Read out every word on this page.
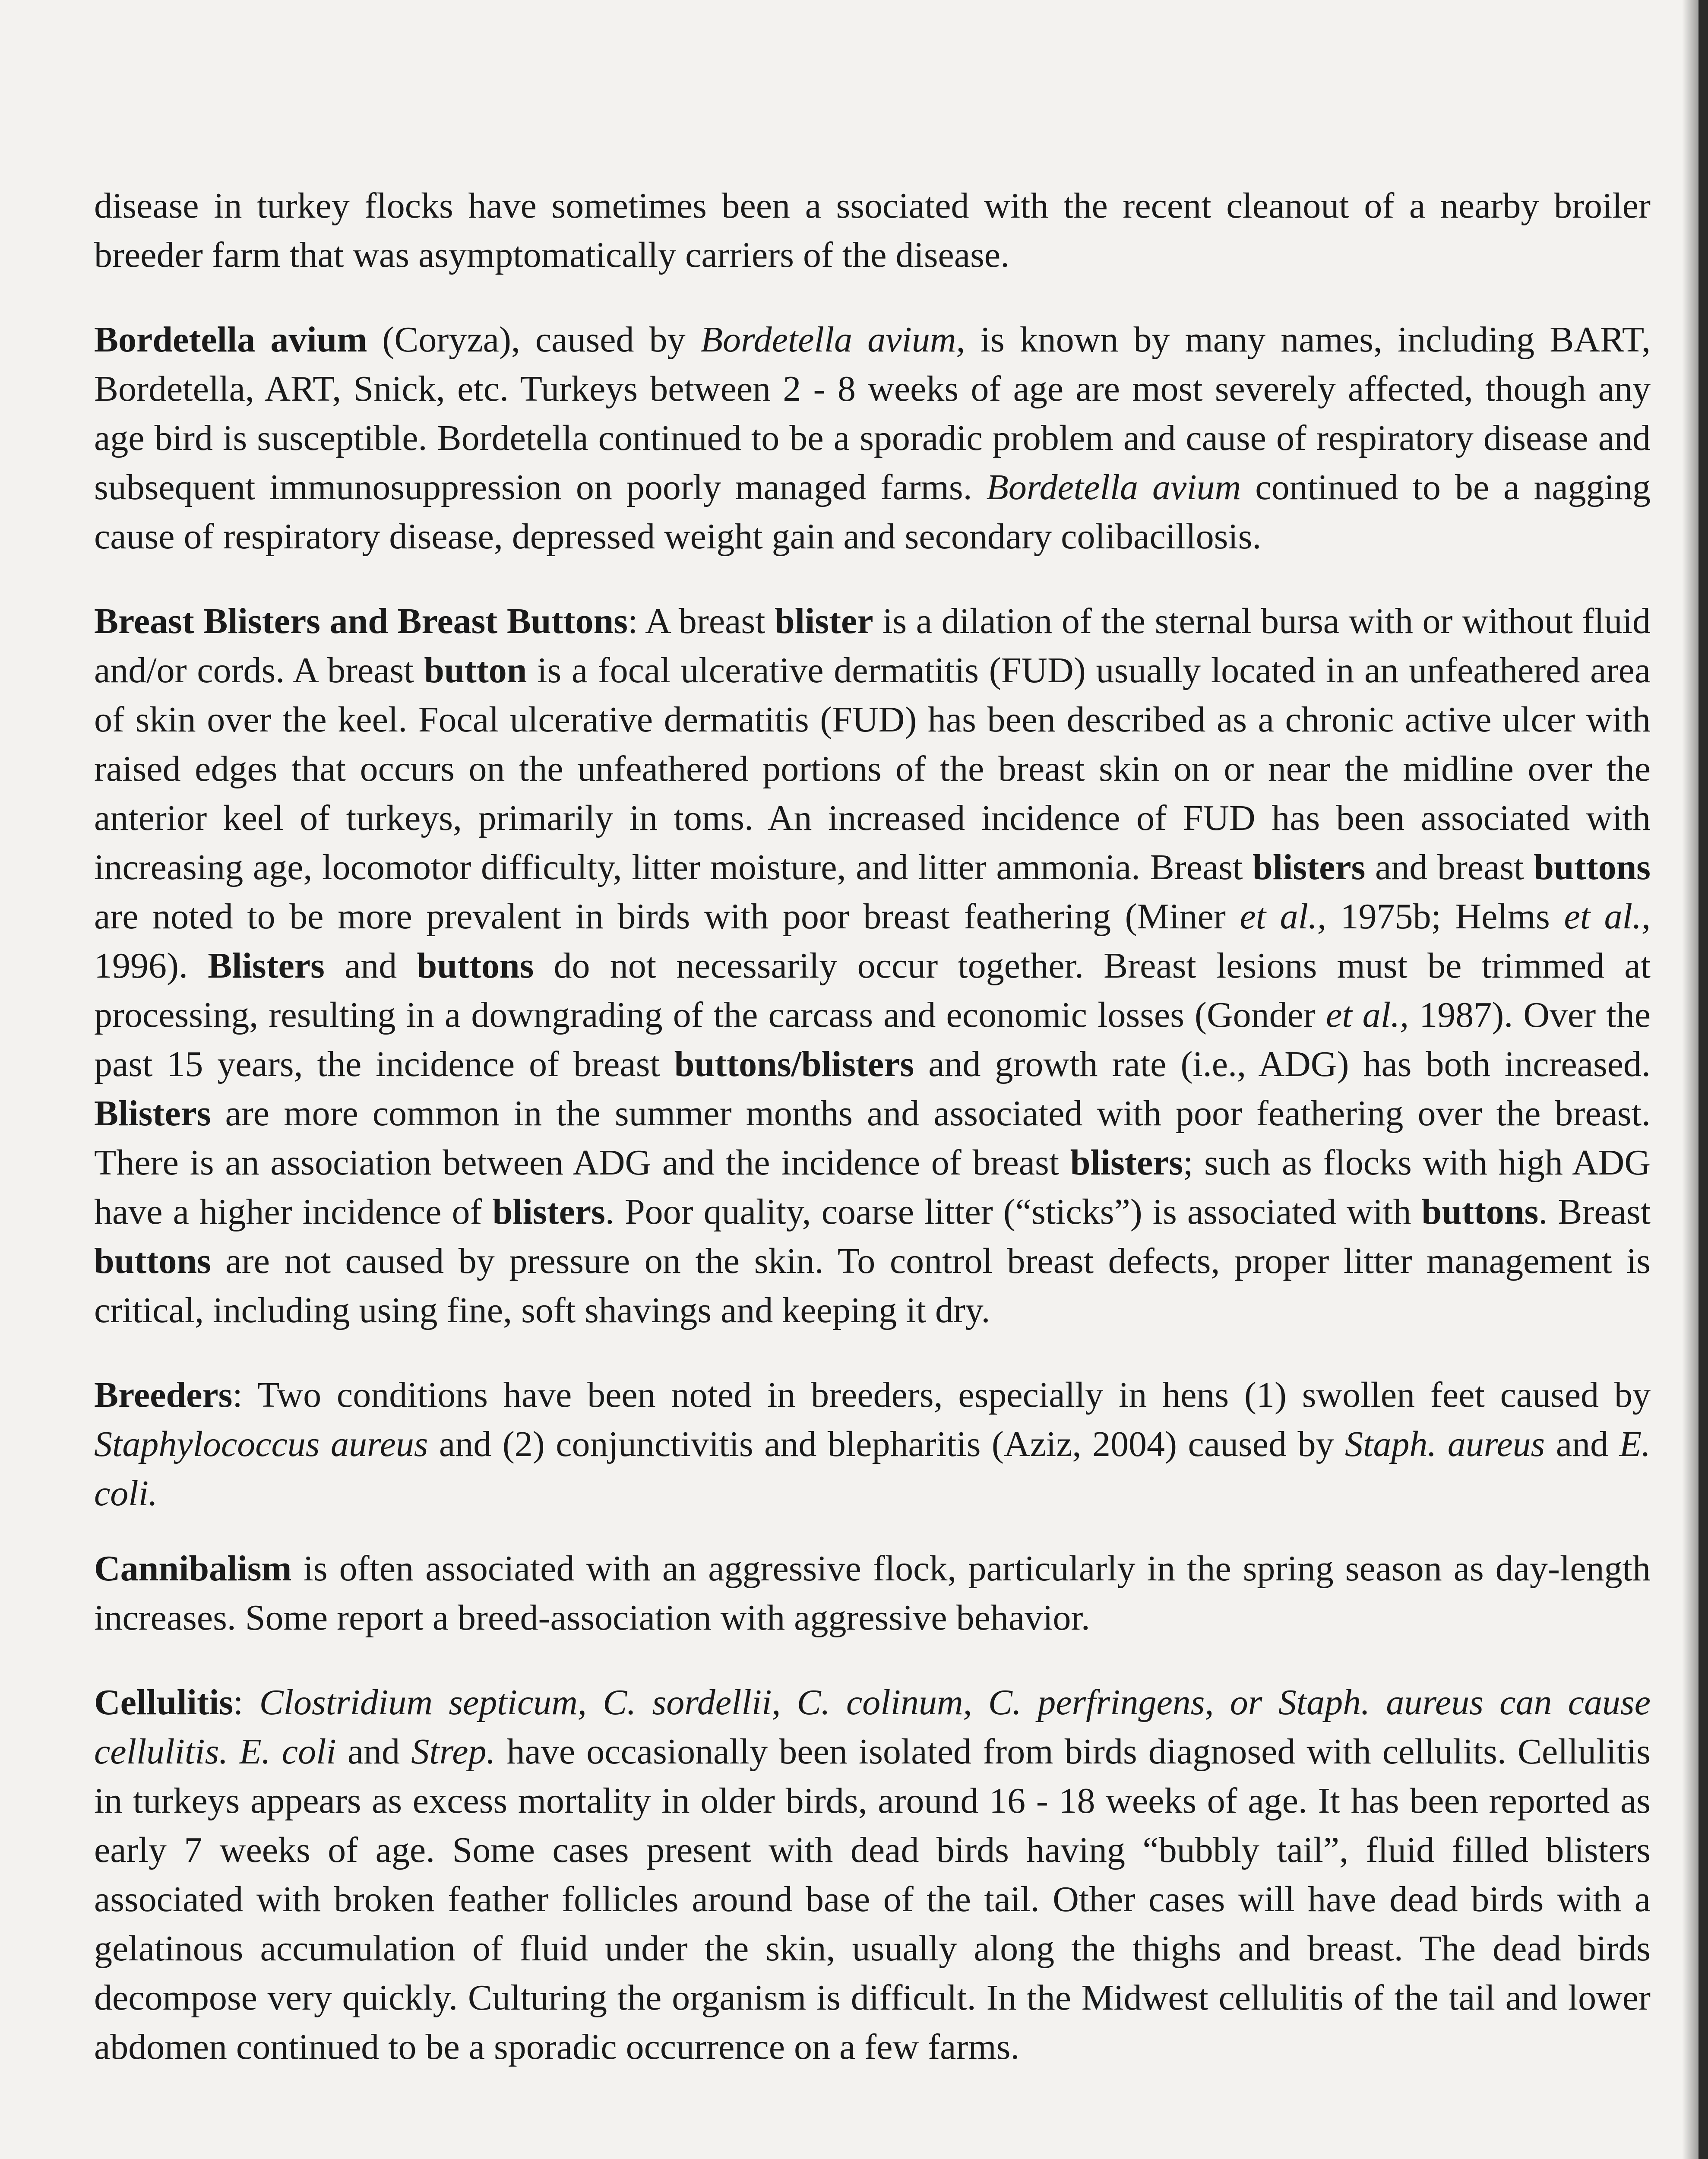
disease in turkey flocks have sometimes been a ssociated with the recent cleanout of a nearby broiler breeder farm that was asymptomatically carriers of the disease.

Bordetella avium (Coryza), caused by Bordetella avium, is known by many names, including BART, Bordetella, ART, Snick, etc. Turkeys between 2 - 8 weeks of age are most severely affected, though any age bird is susceptible. Bordetella continued to be a sporadic problem and cause of respiratory disease and subsequent immunosuppression on poorly managed farms. Bordetella avium continued to be a nagging cause of respiratory disease, depressed weight gain and secondary colibacillosis.

Breast Blisters and Breast Buttons: A breast blister is a dilation of the sternal bursa with or without fluid and/or cords. A breast button is a focal ulcerative dermatitis (FUD) usually located in an unfeathered area of skin over the keel. Focal ulcerative dermatitis (FUD) has been described as a chronic active ulcer with raised edges that occurs on the unfeathered portions of the breast skin on or near the midline over the anterior keel of turkeys, primarily in toms. An increased incidence of FUD has been associated with increasing age, locomotor difficulty, litter moisture, and litter ammonia. Breast blisters and breast buttons are noted to be more prevalent in birds with poor breast feathering (Miner et al., 1975b; Helms et al., 1996). Blisters and buttons do not necessarily occur together. Breast lesions must be trimmed at processing, resulting in a downgrading of the carcass and economic losses (Gonder et al., 1987). Over the past 15 years, the incidence of breast buttons/blisters and growth rate (i.e., ADG) has both increased. Blisters are more common in the summer months and associated with poor feathering over the breast. There is an association between ADG and the incidence of breast blisters; such as flocks with high ADG have a higher incidence of blisters. Poor quality, coarse litter (“sticks”) is associated with buttons. Breast buttons are not caused by pressure on the skin. To control breast defects, proper litter management is critical, including using fine, soft shavings and keeping it dry.

Breeders: Two conditions have been noted in breeders, especially in hens (1) swollen feet caused by Staphylococcus aureus and (2) conjunctivitis and blepharitis (Aziz, 2004) caused by Staph. aureus and E. coli.

Cannibalism is often associated with an aggressive flock, particularly in the spring season as day-length increases. Some report a breed-association with aggressive behavior.

Cellulitis: Clostridium septicum, C. sordellii, C. colinum, C. perfringens, or Staph. aureus can cause cellulitis. E. coli and Strep. have occasionally been isolated from birds diagnosed with cellulits. Cellulitis in turkeys appears as excess mortality in older birds, around 16 - 18 weeks of age. It has been reported as early 7 weeks of age. Some cases present with dead birds having “bubbly tail”, fluid filled blisters associated with broken feather follicles around base of the tail. Other cases will have dead birds with a gelatinous accumulation of fluid under the skin, usually along the thighs and breast. The dead birds decompose very quickly. Culturing the organism is difficult. In the Midwest cellulitis of the tail and lower abdomen continued to be a sporadic occurrence on a few farms.
